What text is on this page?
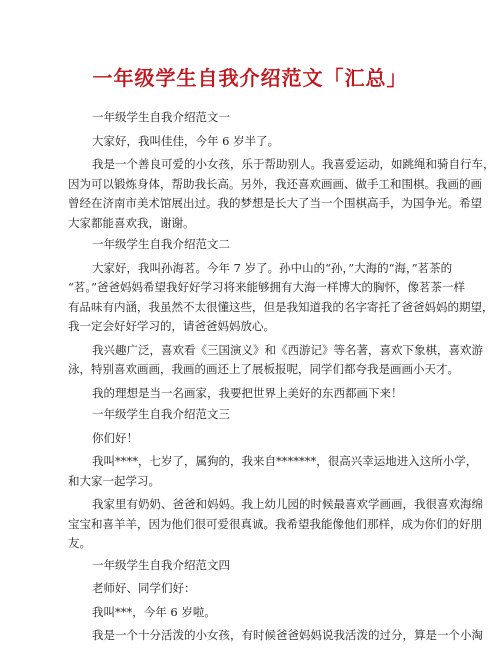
一年级学生自我介绍范文「汇总」

一年级学生自我介绍范文一

大家好，我叫佳佳，今年 6 岁半了。

我是一个善良可爱的小女孩，乐于帮助别人。我喜爱运动，如跳绳和骑自行车，

因为可以锻炼身体，帮助我长高。另外，我还喜欢画画、做手工和围棋。我画的画

曾经在济南市美术馆展出过。我的梦想是长大了当一个围棋高手，为国争光。希望

大家都能喜欢我，谢谢。

一年级学生自我介绍范文二

大家好，我叫孙海茗。今年 7 岁了。孙中山的“孙，”大海的“海，”茗茶的

“茗。”爸爸妈妈希望我好好学习将来能够拥有大海一样博大的胸怀，像茗茶一样

有品味有内涵，我虽然不太很懂这些，但是我知道我的名字寄托了爸爸妈妈的期望，

我一定会好好学习的，请爸爸妈妈放心。

我兴趣广泛，喜欢看《三国演义》和《西游记》等名著，喜欢下象棋，喜欢游

泳，特别喜欢画画，我画的画还上了展板报呢，同学们都夸我是画画小天才。

我的理想是当一名画家，我要把世界上美好的东西都画下来！

一年级学生自我介绍范文三

你们好！

我叫****，七岁了，属狗的，我来自*******，很高兴幸运地进入这所小学，

和大家一起学习。

我家里有奶奶、爸爸和妈妈。我上幼儿园的时候最喜欢学画画，我很喜欢海绵

宝宝和喜羊羊，因为他们很可爱很真诚。我希望我能像他们那样，成为你们的好朋

友。

一年级学生自我介绍范文四

老师好、同学们好：

我叫***，今年 6 岁啦。

我是一个十分活泼的小女孩，有时候爸爸妈妈说我活泼的过分，算是一个小淘
